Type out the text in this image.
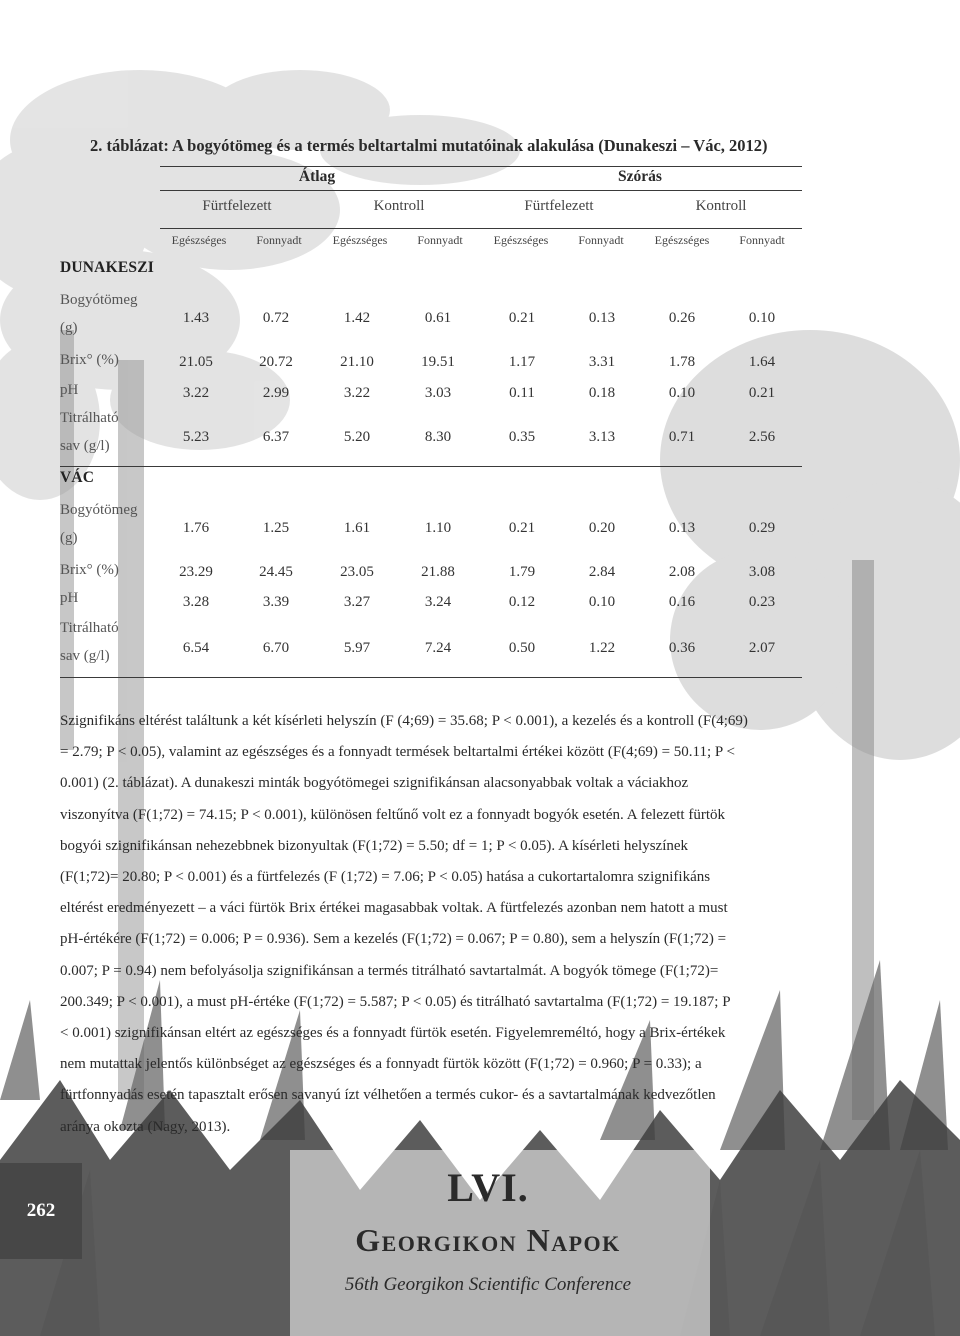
2. táblázat: A bogyótömeg és a termés beltartalmi mutatóinak alakulása (Dunakeszi – Vác, 2012)
Átlag	Szórás
Fürtfelezett	Kontroll	Fürtfelezett	Kontroll
Egészséges	Fonnyadt	Egészséges	Fonnyadt	Egészséges	Fonnyadt	Egészséges	Fonnyadt
DUNAKESZI
Bogyótömeg
(g)
1.43	0.72	1.42	0.61	0.21	0.13	0.26	0.10
Brix° (%)	21.05	20.72	21.10	19.51	1.17	3.31	1.78	1.64
pH	3.22	2.99	3.22	3.03	0.11	0.18	0.10	0.21
Titrálható
sav (g/l)
5.23	6.37	5.20	8.30	0.35	3.13	0.71	2.56
VÁC
Bogyótömeg
(g)
1.76	1.25	1.61	1.10	0.21	0.20	0.13	0.29
Brix° (%)	23.29	24.45	23.05	21.88	1.79	2.84	2.08	3.08
pH	3.28	3.39	3.27	3.24	0.12	0.10	0.16	0.23
Titrálható
sav (g/l)	6.54	6.70	5.97	7.24	0.50	1.22	0.36	2.07
Szignifikáns eltérést találtunk a két kísérleti helyszín (F (4;69) = 35.68; P < 0.001), a kezelés és a kontroll (F(4;69)
= 2.79; P < 0.05), valamint az egészséges és a fonnyadt termések beltartalmi értékei között (F(4;69) = 50.11; P <
0.001) (2. táblázat). A dunakeszi minták bogyótömegei szignifikánsan alacsonyabbak voltak a váciakhoz
viszonyítva (F(1;72) = 74.15; P < 0.001), különösen feltűnő volt ez a fonnyadt bogyók esetén. A felezett fürtök
bogyói szignifikánsan nehezebbnek bizonyultak (F(1;72) = 5.50; df = 1; P < 0.05). A kísérleti helyszínek
(F(1;72)= 20.80; P < 0.001) és a fürtfelezés (F (1;72) = 7.06; P < 0.05) hatása a cukortartalomra szignifikáns
eltérést eredményezett – a váci fürtök Brix értékei magasabbak voltak. A fürtfelezés azonban nem hatott a must
pH-értékére (F(1;72) = 0.006; P = 0.936). Sem a kezelés (F(1;72) = 0.067; P = 0.80), sem a helyszín (F(1;72) =
0.007; P = 0.94) nem befolyásolja szignifikánsan a termés titrálható savtartalmát. A bogyók tömege (F(1;72)=
200.349; P < 0.001), a must pH-értéke (F(1;72) = 5.587; P < 0.05) és titrálható savtartalma (F(1;72) = 19.187; P
< 0.001) szignifikánsan eltért az egészséges és a fonnyadt fürtök esetén. Figyelemreméltó, hogy a Brix-értékek
nem mutattak jelentős különbséget az egészséges és a fonnyadt fürtök között (F(1;72) = 0.960; P = 0.33); a
fürtfonnyadás esetén tapasztalt erősen savanyú ízt vélhetően a termés cukor- és a savtartalmának kedvezőtlen
aránya okozta (Nagy, 2013).
262
LVI.
Georgikon Napok
56th Georgikon Scientific Conference
